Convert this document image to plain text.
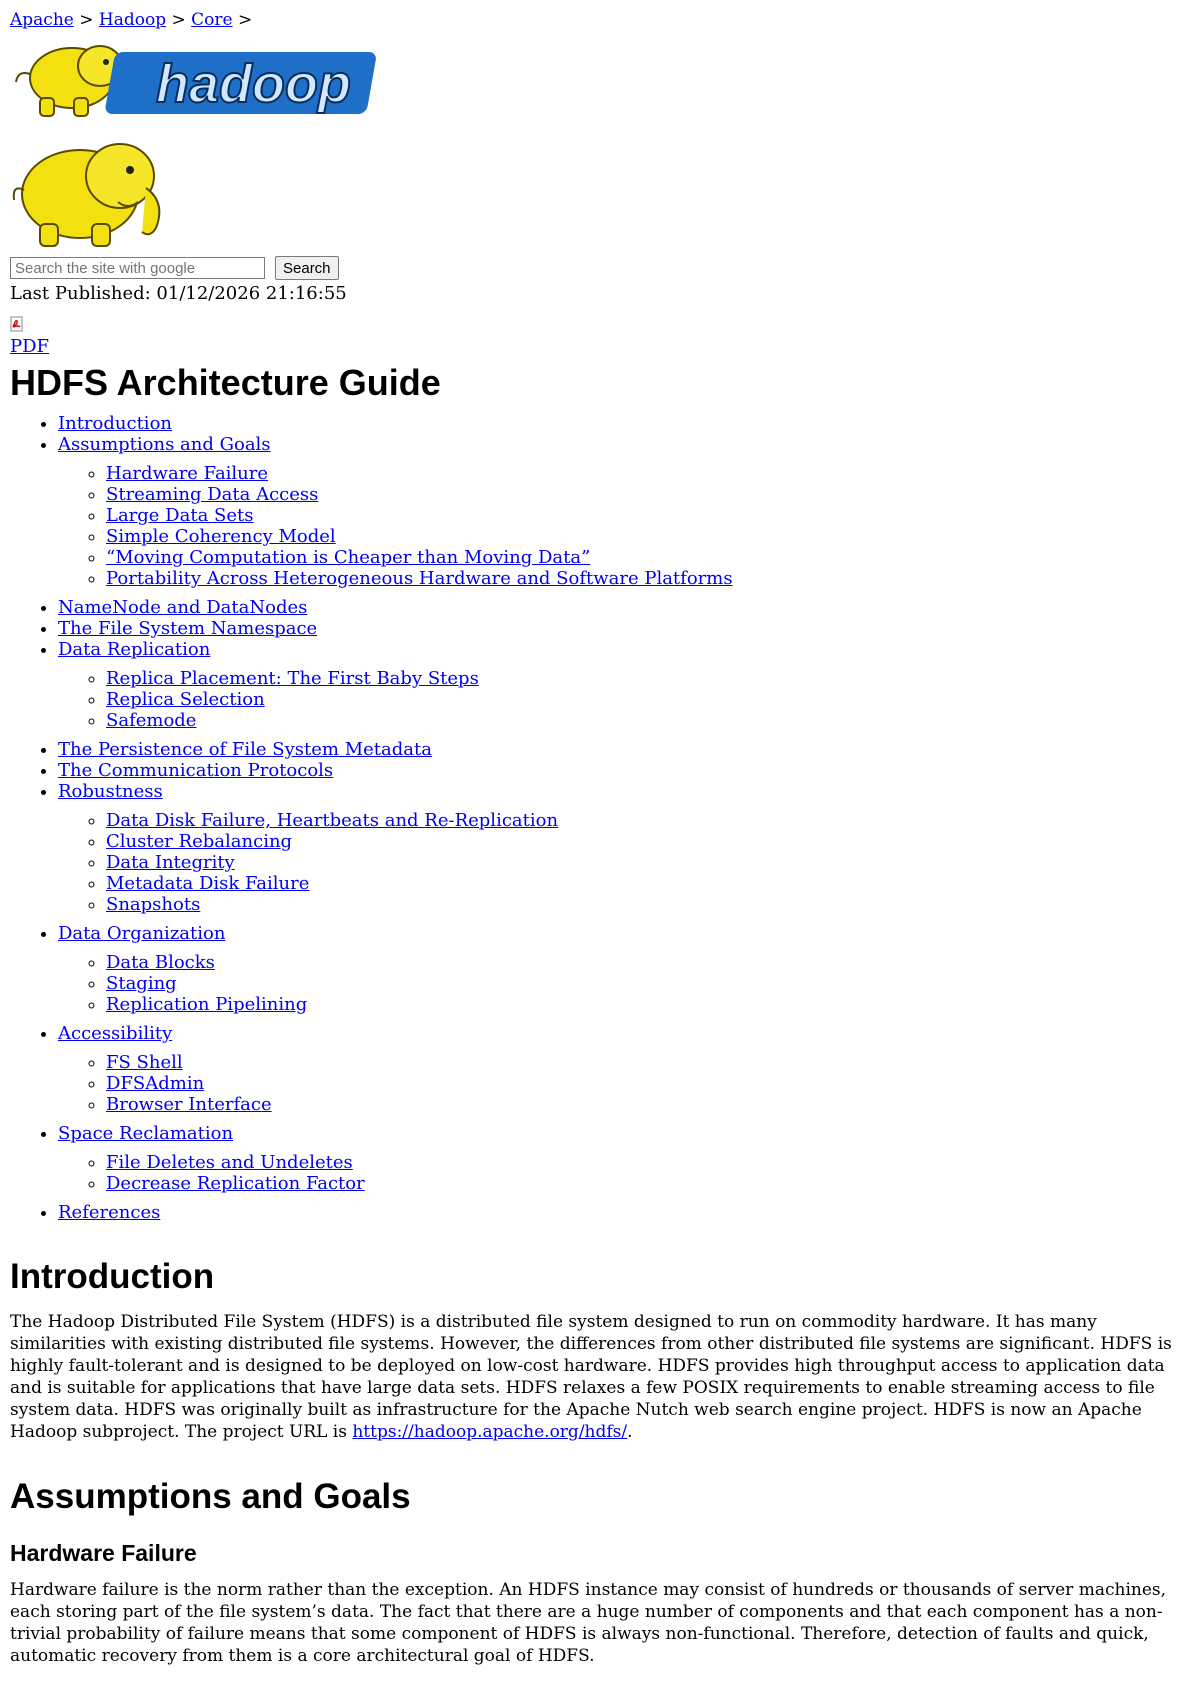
Apache > Hadoop > Core >
hadoop
Search the site with google
Search
Last Published: 01/12/2026 21:16:55
PDF
HDFS Architecture Guide
• Introduction
• Assumptions and Goals
◦ Hardware Failure
◦ Streaming Data Access
◦ Large Data Sets
◦ Simple Coherency Model
◦ “Moving Computation is Cheaper than Moving Data”
◦ Portability Across Heterogeneous Hardware and Software Platforms
• NameNode and DataNodes
• The File System Namespace
• Data Replication
◦ Replica Placement: The First Baby Steps
◦ Replica Selection
◦ Safemode
• The Persistence of File System Metadata
• The Communication Protocols
• Robustness
◦ Data Disk Failure, Heartbeats and Re-Replication
◦ Cluster Rebalancing
◦ Data Integrity
◦ Metadata Disk Failure
◦ Snapshots
• Data Organization
◦ Data Blocks
◦ Staging
◦ Replication Pipelining
• Accessibility
◦ FS Shell
◦ DFSAdmin
◦ Browser Interface
• Space Reclamation
◦ File Deletes and Undeletes
◦ Decrease Replication Factor
• References
Introduction

The Hadoop Distributed File System (HDFS) is a distributed file system designed to run on commodity hardware. It has many similarities with existing distributed file systems. However, the differences from other distributed file systems are significant. HDFS is highly fault-tolerant and is designed to be deployed on low-cost hardware. HDFS provides high throughput access to application data and is suitable for applications that have large data sets. HDFS relaxes a few POSIX requirements to enable streaming access to file system data. HDFS was originally built as infrastructure for the Apache Nutch web search engine project. HDFS is now an Apache Hadoop subproject. The project URL is https://hadoop.apache.org/hdfs/.

Assumptions and Goals
Hardware Failure

Hardware failure is the norm rather than the exception. An HDFS instance may consist of hundreds or thousands of server machines, each storing part of the file system’s data. The fact that there are a huge number of components and that each component has a non-trivial probability of failure means that some component of HDFS is always non-functional. Therefore, detection of faults and quick, automatic recovery from them is a core architectural goal of HDFS.
